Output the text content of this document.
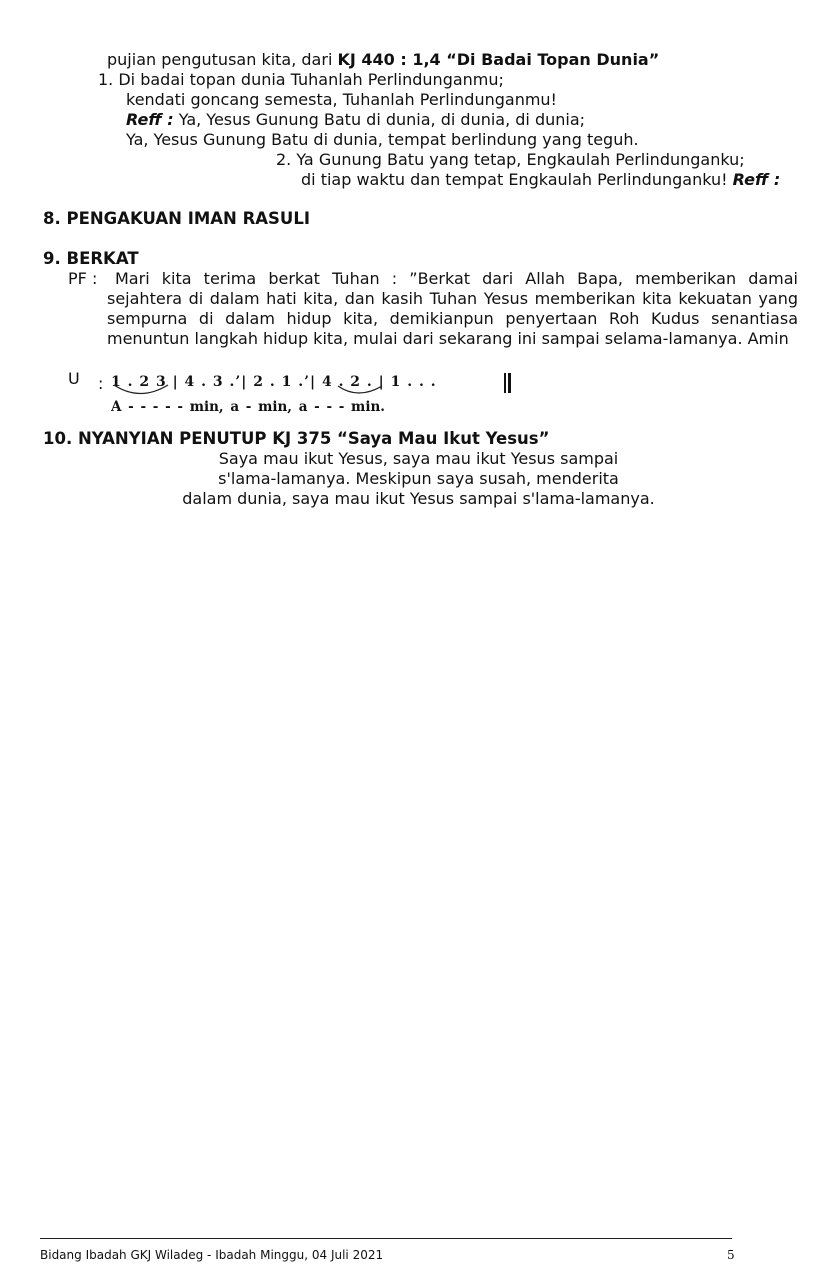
pujian pengutusan kita, dari KJ 440 : 1,4 “Di Badai Topan Dunia”
1. Di badai topan dunia Tuhanlah Perlindunganmu;
kendati goncang semesta, Tuhanlah Perlindunganmu!
Reff : Ya, Yesus Gunung Batu di dunia, di dunia, di dunia;
Ya, Yesus Gunung Batu di dunia, tempat berlindung yang teguh.
2. Ya Gunung Batu yang tetap, Engkaulah Perlindunganku;
di tiap waktu dan tempat Engkaulah Perlindunganku! Reff :
8. PENGAKUAN IMAN RASULI
9. BERKAT
PF :	Mari kita terima berkat Tuhan : ”Berkat dari Allah Bapa, memberikan damai sejahtera di dalam hati kita, dan kasih Tuhan Yesus memberikan kita kekuatan yang sempurna di dalam hidup kita, demikianpun penyertaan Roh Kudus senantiasa menuntun langkah hidup kita, mulai dari sekarang ini sampai selama-lamanya. Amin
U : 1 . 2 3 | 4 . 3 .’| 2 . 1 .’| 4 . 2 . | 1 . . .
A - - - - - min, a - min, a - - - min.
10. NYANYIAN PENUTUP KJ 375 “Saya Mau Ikut Yesus”
Saya mau ikut Yesus, saya mau ikut Yesus sampai
s'lama-lamanya. Meskipun saya susah, menderita
dalam dunia, saya mau ikut Yesus sampai s'lama-lamanya.
Bidang Ibadah GKJ Wiladeg - Ibadah Minggu, 04 Juli 2021	5
